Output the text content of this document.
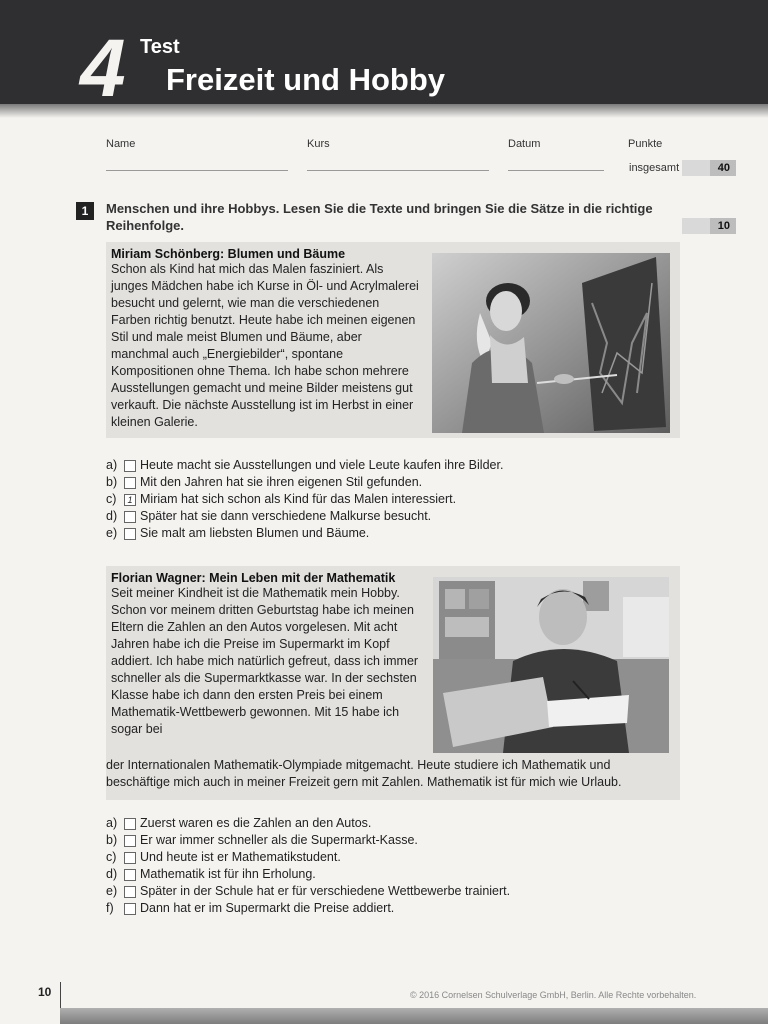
4 Test
Freizeit und Hobby
Name	Kurs	Datum	Punkte
insgesamt	40
1	Menschen und ihre Hobbys. Lesen Sie die Texte und bringen Sie die Sätze in die richtige Reihenfolge.	10
Miriam Schönberg: Blumen und Bäume
Schon als Kind hat mich das Malen fasziniert. Als junges Mädchen habe ich Kurse in Öl- und Acrylmalerei besucht und gelernt, wie man die verschiedenen Farben richtig benutzt. Heute habe ich meinen eigenen Stil und male meist Blumen und Bäume, aber manchmal auch „Energiebilder“, spontane Kompositionen ohne Thema. Ich habe schon mehrere Ausstellungen gemacht und meine Bilder meistens gut verkauft. Die nächste Ausstellung ist im Herbst in einer kleinen Galerie.
a)	Heute macht sie Ausstellungen und viele Leute kaufen ihre Bilder.
b)	Mit den Jahren hat sie ihren eigenen Stil gefunden.
c)	1 Miriam hat sich schon als Kind für das Malen interessiert.
d)	Später hat sie dann verschiedene Malkurse besucht.
e)	Sie malt am liebsten Blumen und Bäume.
Florian Wagner: Mein Leben mit der Mathematik
Seit meiner Kindheit ist die Mathematik mein Hobby. Schon vor meinem dritten Geburtstag habe ich meinen Eltern die Zahlen an den Autos vorgelesen. Mit acht Jahren habe ich die Preise im Supermarkt im Kopf addiert. Ich habe mich natürlich gefreut, dass ich immer schneller als die Supermarktkasse war. In der sechsten Klasse habe ich dann den ersten Preis bei einem Mathematik-Wettbewerb gewonnen. Mit 15 habe ich sogar bei
der Internationalen Mathematik-Olympiade mitgemacht. Heute studiere ich Mathematik und beschäftige mich auch in meiner Freizeit gern mit Zahlen. Mathematik ist für mich wie Urlaub.
a)	Zuerst waren es die Zahlen an den Autos.
b)	Er war immer schneller als die Supermarkt-Kasse.
c)	Und heute ist er Mathematikstudent.
d)	Mathematik ist für ihn Erholung.
e)	Später in der Schule hat er für verschiedene Wettbewerbe trainiert.
f)	Dann hat er im Supermarkt die Preise addiert.
10	© 2016 Cornelsen Schulverlage GmbH, Berlin. Alle Rechte vorbehalten.
